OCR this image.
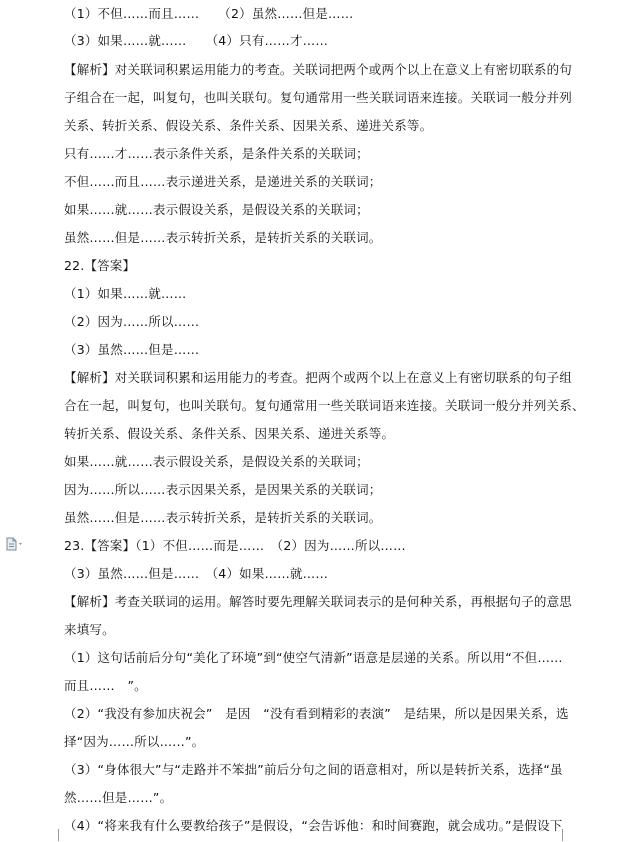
（1）不但……而且……　　（2）虽然……但是……
（3）如果……就……　　（4）只有……才……
【解析】对关联词积累运用能力的考查。关联词把两个或两个以上在意义上有密切联系的句
子组合在一起，叫复句，也叫关联句。复句通常用一些关联词语来连接。关联词一般分并列
关系、转折关系、假设关系、条件关系、因果关系、递进关系等。
只有……才……表示条件关系，是条件关系的关联词；
不但……而且……表示递进关系，是递进关系的关联词；
如果……就……表示假设关系，是假设关系的关联词；
虽然……但是……表示转折关系，是转折关系的关联词。
22.【答案】
（1）如果……就……
（2）因为……所以……
（3）虽然……但是……
【解析】对关联词积累和运用能力的考查。把两个或两个以上在意义上有密切联系的句子组
合在一起，叫复句，也叫关联句。复句通常用一些关联词语来连接。关联词一般分并列关系、
转折关系、假设关系、条件关系、因果关系、递进关系等。
如果……就……表示假设关系，是假设关系的关联词；
因为……所以……表示因果关系，是因果关系的关联词；
虽然……但是……表示转折关系，是转折关系的关联词。
23.【答案】（1）不但……而是……　（2）因为……所以……
（3）虽然……但是……　（4）如果……就……
【解析】考查关联词的运用。解答时要先理解关联词表示的是何种关系，再根据句子的意思
来填写。
（1）这句话前后分句“美化了环境”到“使空气清新”语意是层递的关系。所以用“不但……
而且……　”。
（2）“我没有参加庆祝会”　是因　“没有看到精彩的表演”　是结果，所以是因果关系，选
择“因为……所以……”。
（3）“身体很大”与“走路并不笨拙”前后分句之间的语意相对，所以是转折关系，选择“虽
然……但是……”。
（4）“将来我有什么要教给孩子”是假设，“会告诉他：和时间赛跑，就会成功。”是假设下
